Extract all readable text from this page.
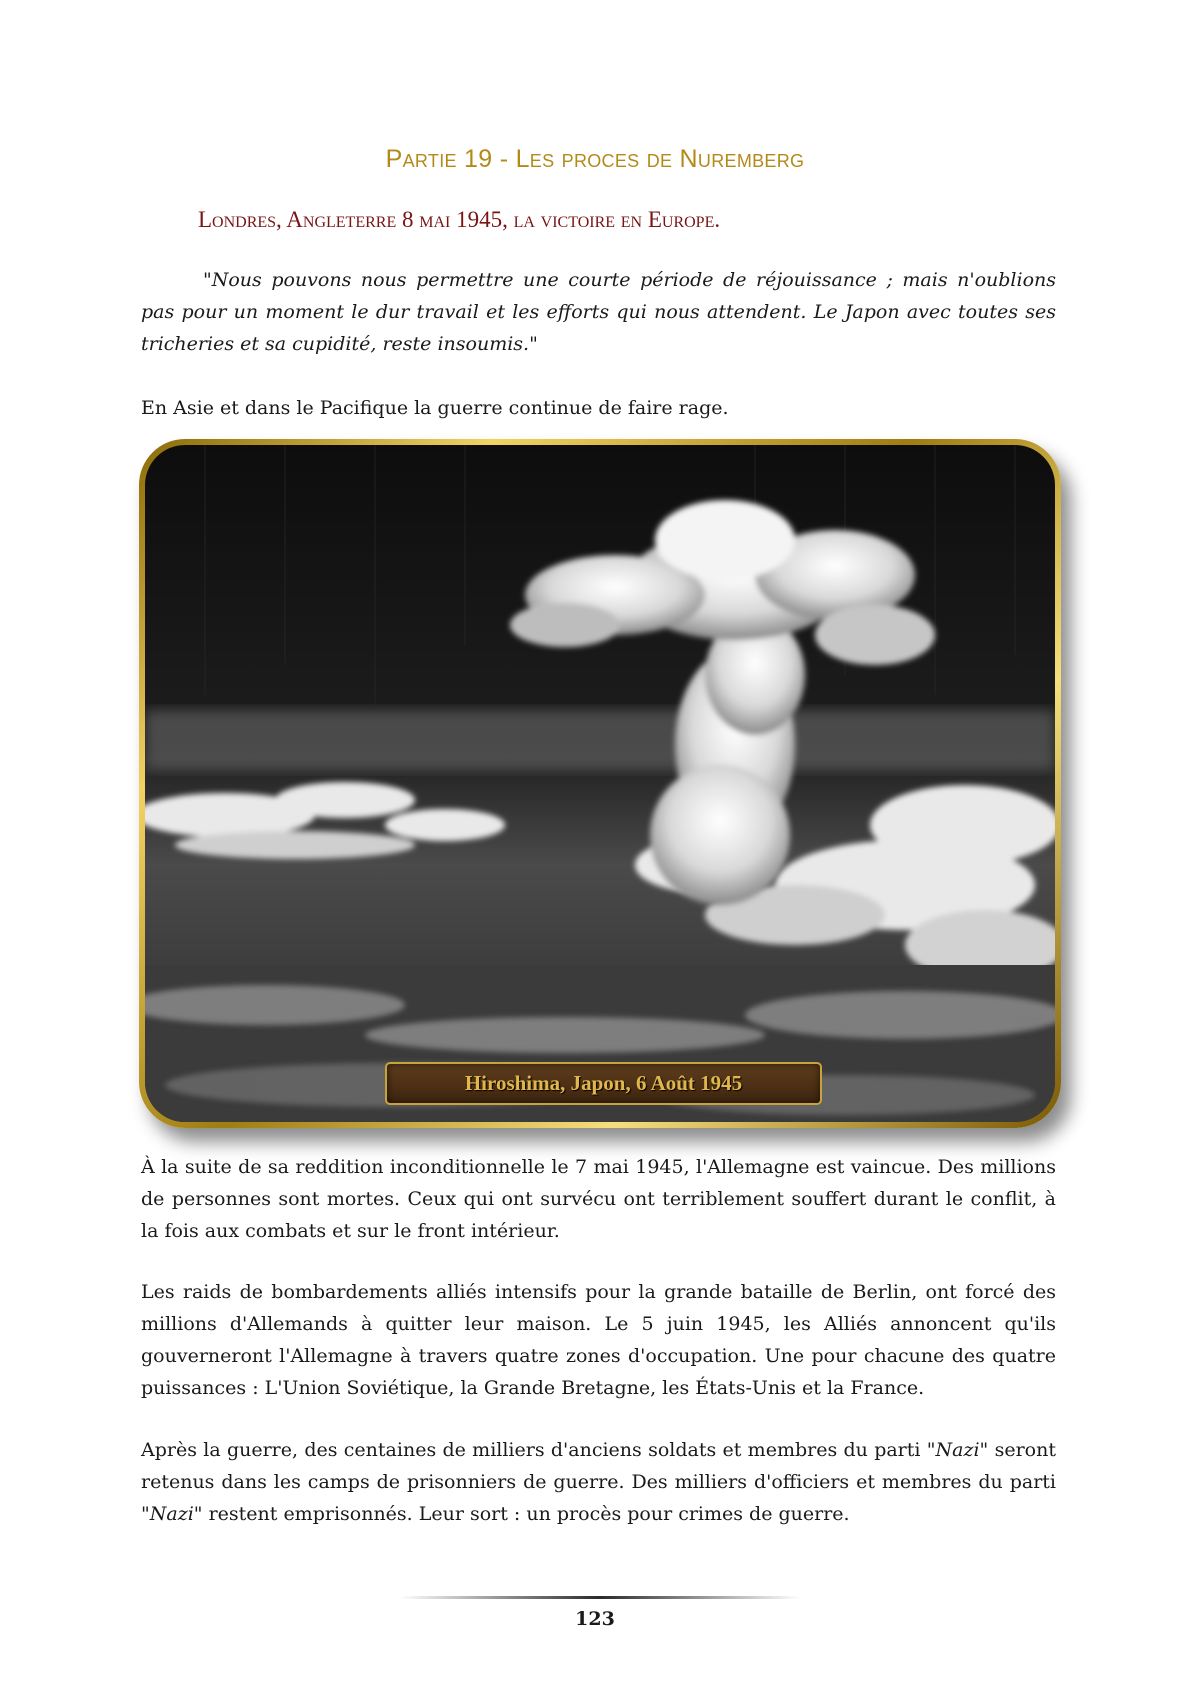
Partie 19 - Les proces de Nuremberg
Londres, Angleterre 8 mai 1945, la victoire en Europe.

"Nous pouvons nous permettre une courte période de réjouissance ; mais n'oublions pas pour un moment le dur travail et les efforts qui nous attendent. Le Japon avec toutes ses tricheries et sa cupidité, reste insoumis."

En Asie et dans le Pacifique la guerre continue de faire rage.

Hiroshima, Japon, 6 Août 1945

À la suite de sa reddition inconditionnelle le 7 mai 1945, l'Allemagne est vaincue. Des millions de personnes sont mortes. Ceux qui ont survécu ont terriblement souffert durant le conflit, à la fois aux combats et sur le front intérieur.

Les raids de bombardements alliés intensifs pour la grande bataille de Berlin, ont forcé des millions d'Allemands à quitter leur maison. Le 5 juin 1945, les Alliés annoncent qu'ils gouverneront l'Allemagne à travers quatre zones d'occupation. Une pour chacune des quatre puissances : L'Union Soviétique, la Grande Bretagne, les États-Unis et la France.

Après la guerre, des centaines de milliers d'anciens soldats et membres du parti "Nazi" seront retenus dans les camps de prisonniers de guerre. Des milliers d'officiers et membres du parti "Nazi" restent emprisonnés. Leur sort : un procès pour crimes de guerre.

123
